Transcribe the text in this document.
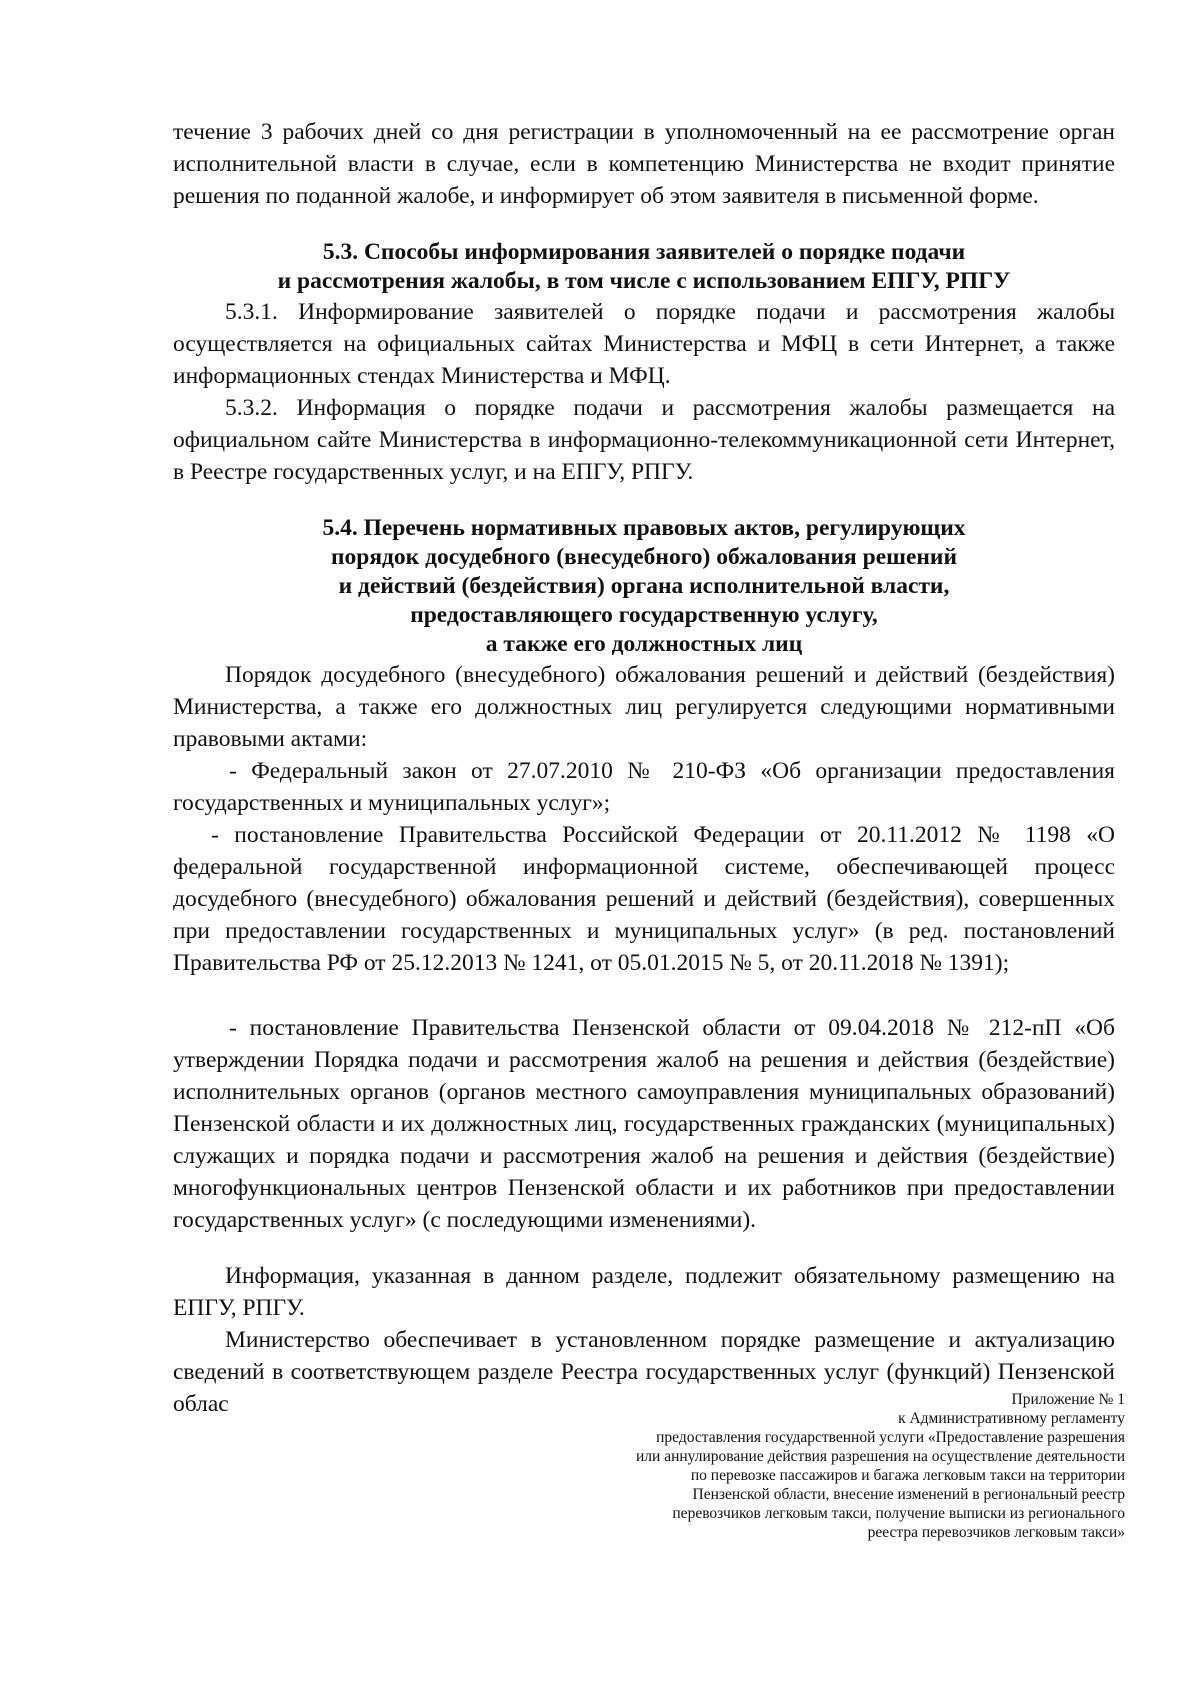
течение 3 рабочих дней со дня регистрации в уполномоченный на ее рассмотрение орган исполнительной власти в случае, если в компетенцию Министерства не входит принятие решения по поданной жалобе, и информирует об этом заявителя в письменной форме.

5.3. Способы информирования заявителей о порядке подачи
и рассмотрения жалобы, в том числе с использованием ЕПГУ, РПГУ

5.3.1. Информирование заявителей о порядке подачи и рассмотрения жалобы осуществляется на официальных сайтах Министерства и МФЦ в сети Интернет, а также информационных стендах Министерства и МФЦ.

5.3.2. Информация о порядке подачи и рассмотрения жалобы размещается на официальном сайте Министерства в информационно-телекоммуникационной сети Интернет, в Реестре государственных услуг, и на ЕПГУ, РПГУ.

5.4. Перечень нормативных правовых актов, регулирующих
порядок досудебного (внесудебного) обжалования решений
и действий (бездействия) органа исполнительной власти,
предоставляющего государственную услугу,
а также его должностных лиц

Порядок досудебного (внесудебного) обжалования решений и действий (бездействия) Министерства, а также его должностных лиц регулируется следующими нормативными правовыми актами:

- Федеральный закон от 27.07.2010 № 210-ФЗ «Об организации предоставления государственных и муниципальных услуг»;

- постановление Правительства Российской Федерации от 20.11.2012 № 1198 «О федеральной государственной информационной системе, обеспечивающей процесс досудебного (внесудебного) обжалования решений и действий (бездействия), совершенных при предоставлении государственных и муниципальных услуг» (в ред. постановлений Правительства РФ от 25.12.2013 № 1241, от 05.01.2015 № 5, от 20.11.2018 № 1391);

- постановление Правительства Пензенской области от 09.04.2018 № 212-пП «Об утверждении Порядка подачи и рассмотрения жалоб на решения и действия (бездействие) исполнительных органов (органов местного самоуправления муниципальных образований) Пензенской области и их должностных лиц, государственных гражданских (муниципальных) служащих и порядка подачи и рассмотрения жалоб на решения и действия (бездействие) многофункциональных центров Пензенской области и их работников при предоставлении государственных услуг» (с последующими изменениями).

Информация, указанная в данном разделе, подлежит обязательному размещению на ЕПГУ, РПГУ.

Министерство обеспечивает в установленном порядке размещение и актуализацию сведений в соответствующем разделе Реестра государственных услуг (функций) Пензенской облас	Приложение № 1
к Административному регламенту
предоставления государственной услуги «Предоставление разрешения
или аннулирование действия разрешения на осуществление деятельности
по перевозке пассажиров и багажа легковым такси на территории
Пензенской области, внесение изменений в региональный реестр
перевозчиков легковым такси, получение выписки из регионального
реестра перевозчиков легковым такси»
